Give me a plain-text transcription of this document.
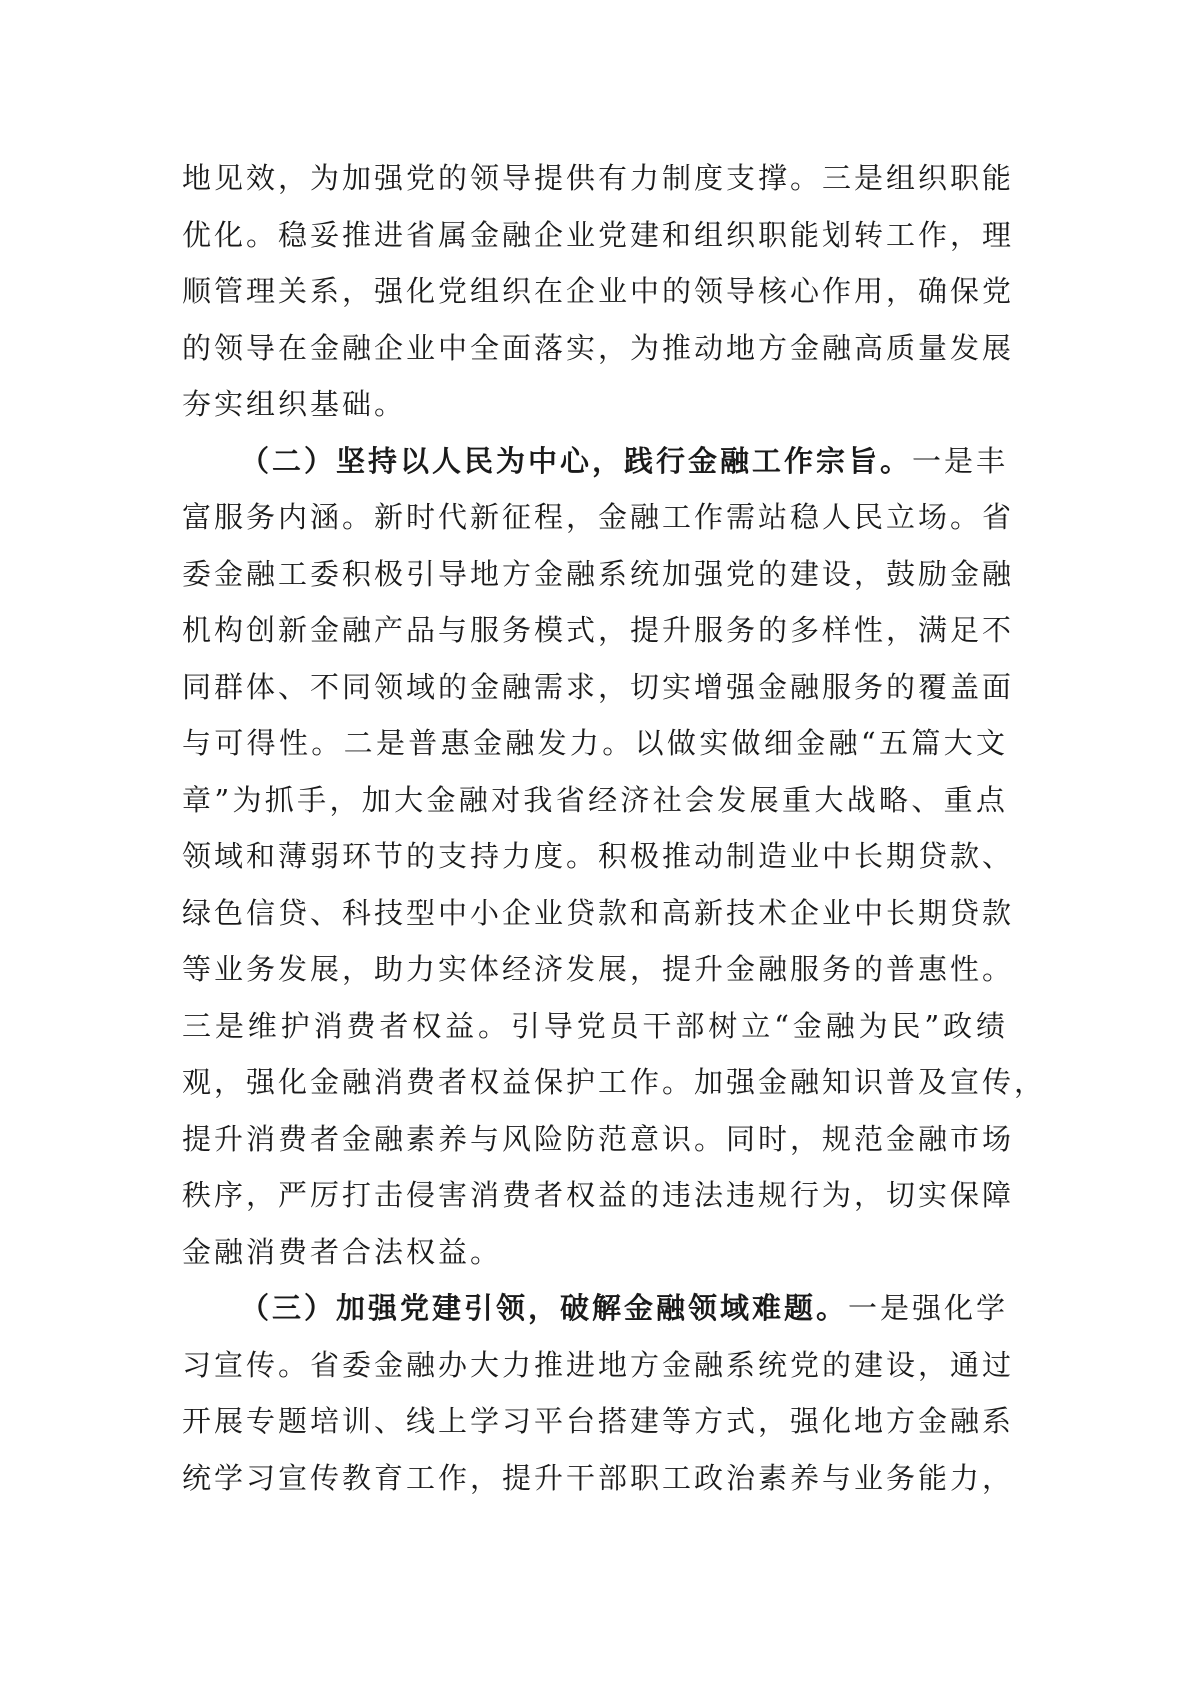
地见效，为加强党的领导提供有力制度支撑。三是组织职能
优化。稳妥推进省属金融企业党建和组织职能划转工作，理
顺管理关系，强化党组织在企业中的领导核心作用，确保党
的领导在金融企业中全面落实，为推动地方金融高质量发展
夯实组织基础。
（二）坚持以人民为中心，践行金融工作宗旨。一是丰
富服务内涵。新时代新征程，金融工作需站稳人民立场。省
委金融工委积极引导地方金融系统加强党的建设，鼓励金融
机构创新金融产品与服务模式，提升服务的多样性，满足不
同群体、不同领域的金融需求，切实增强金融服务的覆盖面
与可得性。二是普惠金融发力。以做实做细金融“五篇大文
章”为抓手，加大金融对我省经济社会发展重大战略、重点
领域和薄弱环节的支持力度。积极推动制造业中长期贷款、
绿色信贷、科技型中小企业贷款和高新技术企业中长期贷款
等业务发展，助力实体经济发展，提升金融服务的普惠性。
三是维护消费者权益。引导党员干部树立“金融为民”政绩
观，强化金融消费者权益保护工作。加强金融知识普及宣传，
提升消费者金融素养与风险防范意识。同时，规范金融市场
秩序，严厉打击侵害消费者权益的违法违规行为，切实保障
金融消费者合法权益。
（三）加强党建引领，破解金融领域难题。一是强化学
习宣传。省委金融办大力推进地方金融系统党的建设，通过
开展专题培训、线上学习平台搭建等方式，强化地方金融系
统学习宣传教育工作，提升干部职工政治素养与业务能力，
